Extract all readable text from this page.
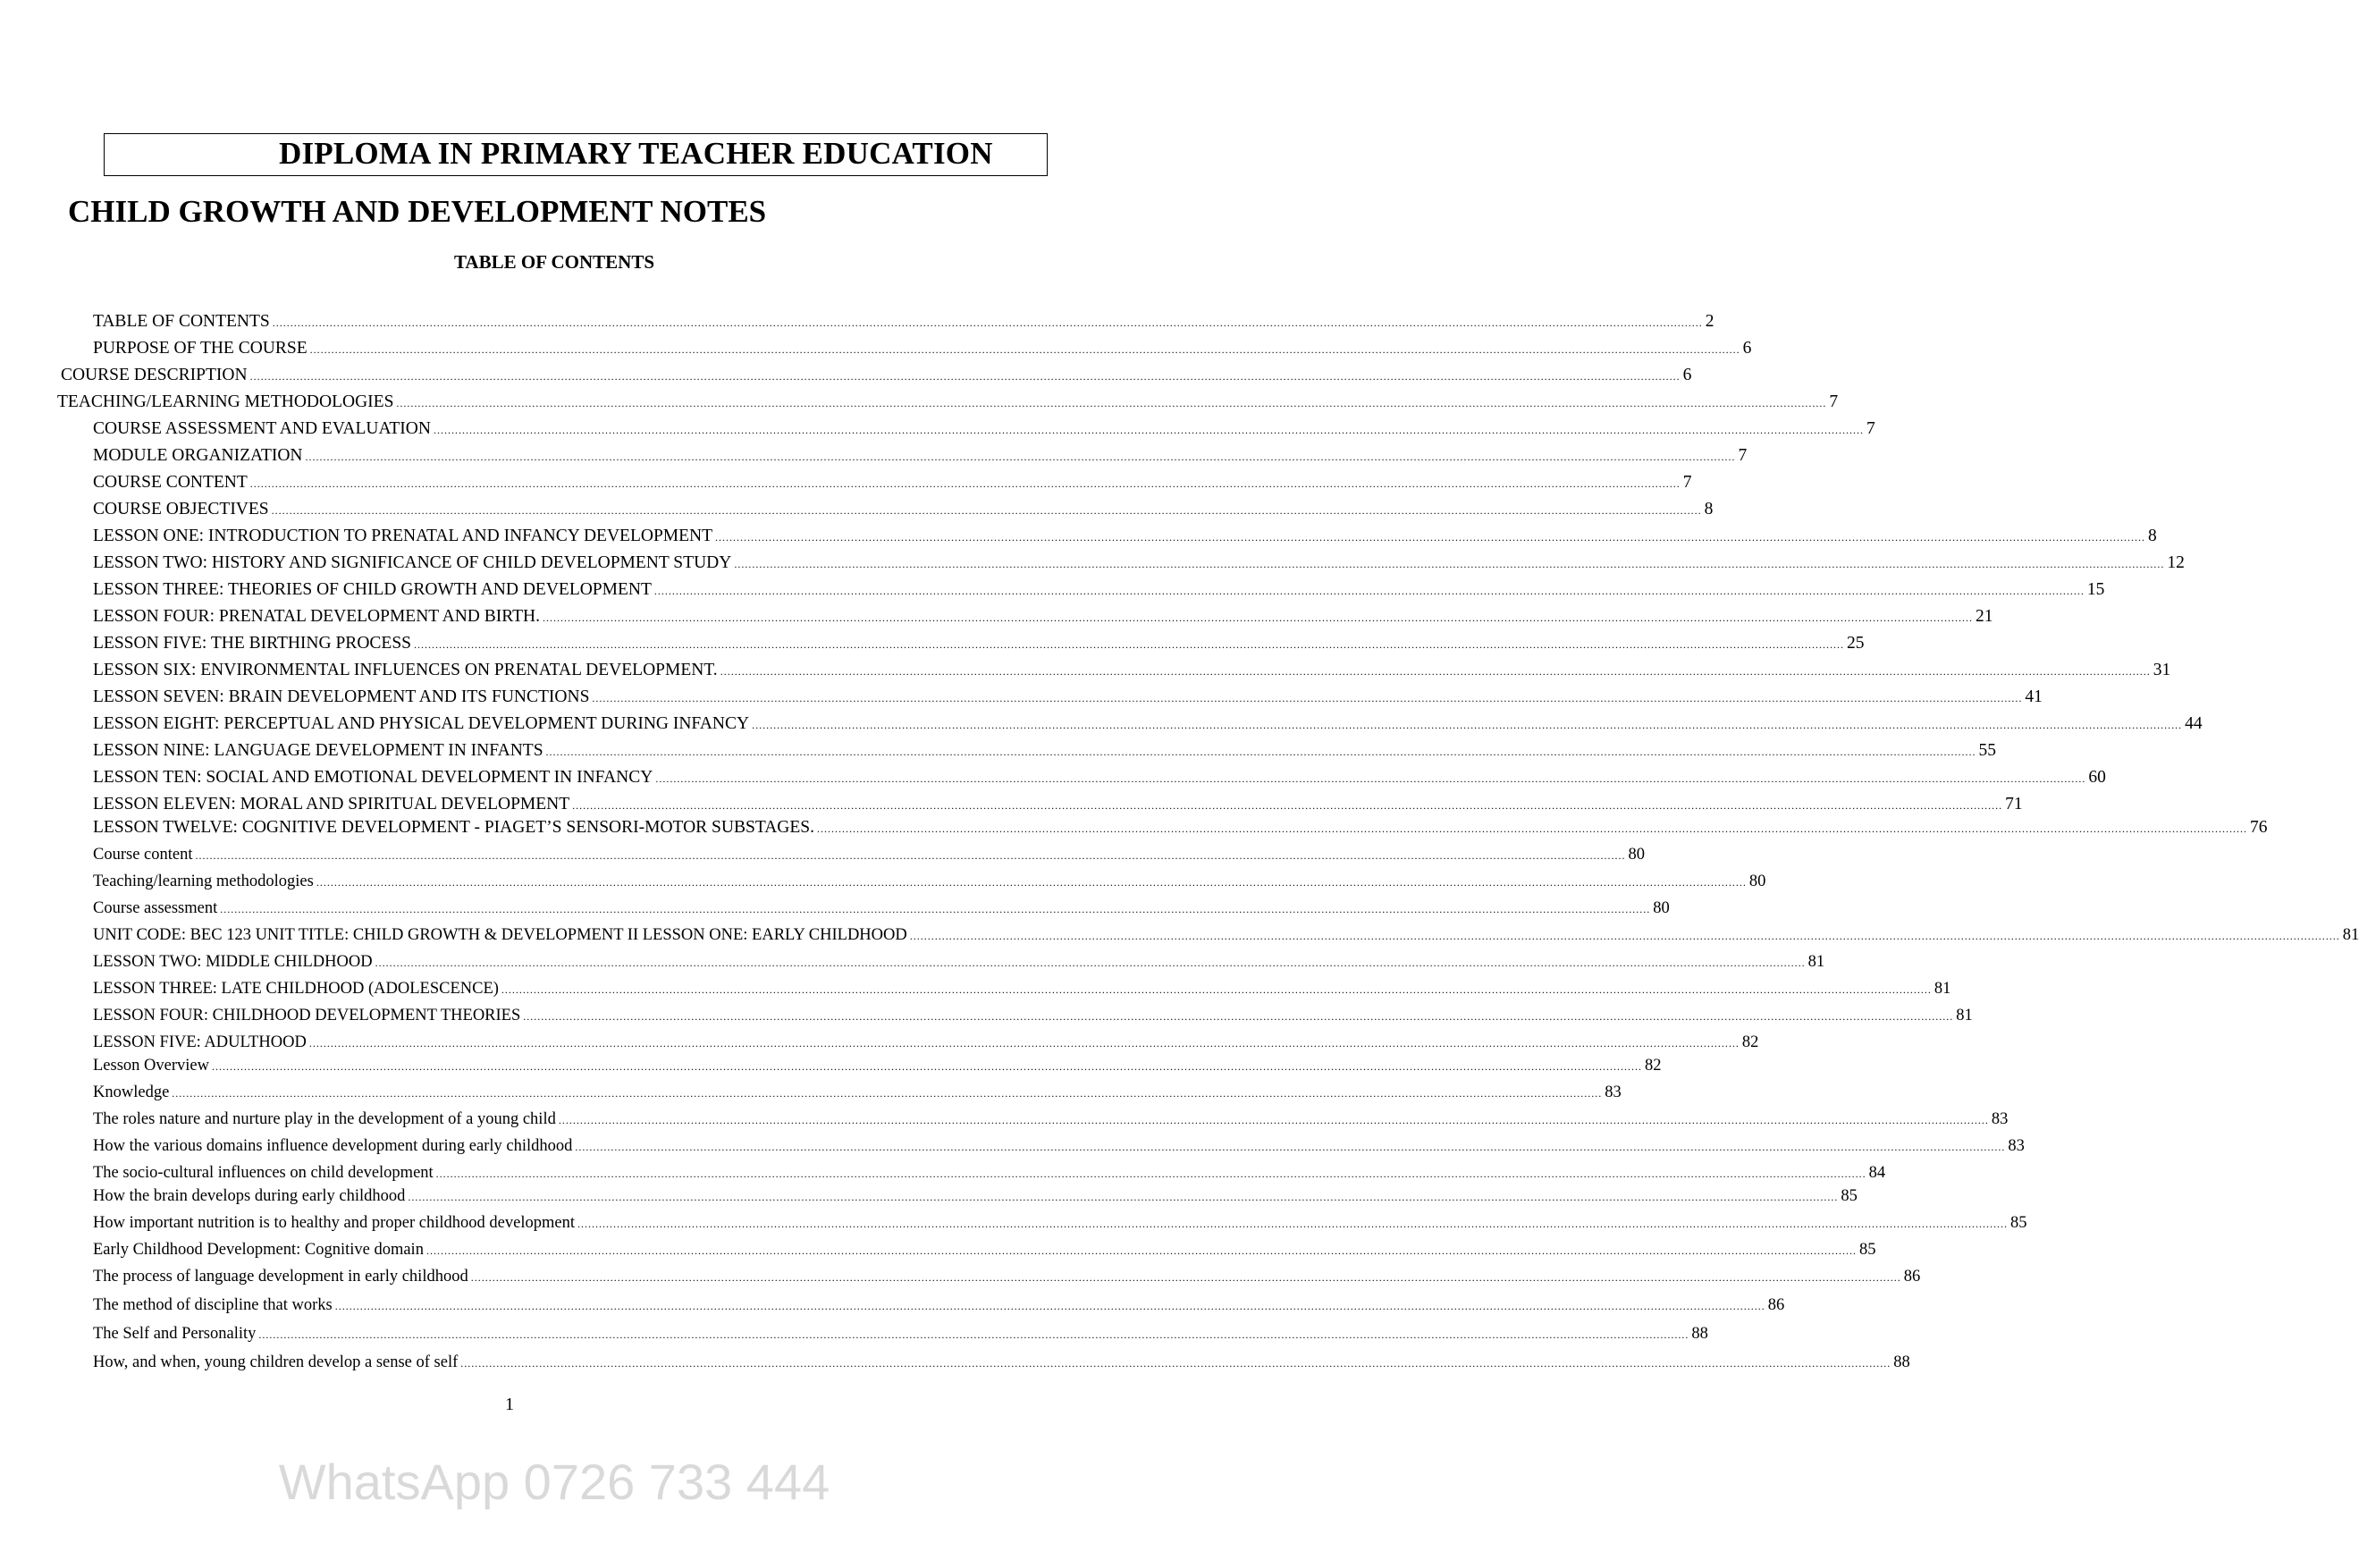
DIPLOMA IN PRIMARY TEACHER EDUCATION
CHILD GROWTH AND DEVELOPMENT NOTES
TABLE OF CONTENTS
TABLE OF CONTENTS ................................................................................................................................................................................................................................................................................................................................................................................................................ 2
PURPOSE OF THE COURSE ................................................................................................................................................................................................................................................................................................................................................................................................................ 6
COURSE DESCRIPTION ................................................................................................................................................................................................................................................................................................................................................................................................................ 6
TEACHING/LEARNING METHODOLOGIES ................................................................................................................................................................................................................................................................................................................................................................................................................ 7
COURSE ASSESSMENT AND EVALUATION ................................................................................................................................................................................................................................................................................................................................................................................................................ 7
MODULE ORGANIZATION ................................................................................................................................................................................................................................................................................................................................................................................................................ 7
COURSE CONTENT ................................................................................................................................................................................................................................................................................................................................................................................................................ 7
COURSE OBJECTIVES ................................................................................................................................................................................................................................................................................................................................................................................................................ 8
LESSON ONE: INTRODUCTION TO PRENATAL AND INFANCY DEVELOPMENT ................................................................................................................................................................................................................................................................................................................................................................................................................ 8
LESSON TWO: HISTORY AND SIGNIFICANCE OF CHILD DEVELOPMENT STUDY ................................................................................................................................................................................................................................................................................................................................................................................................................ 12
LESSON THREE: THEORIES OF CHILD GROWTH AND DEVELOPMENT ................................................................................................................................................................................................................................................................................................................................................................................................................ 15
LESSON FOUR: PRENATAL DEVELOPMENT AND BIRTH. ................................................................................................................................................................................................................................................................................................................................................................................................................ 21
LESSON FIVE: THE BIRTHING PROCESS ................................................................................................................................................................................................................................................................................................................................................................................................................ 25
LESSON SIX: ENVIRONMENTAL INFLUENCES ON PRENATAL DEVELOPMENT. ................................................................................................................................................................................................................................................................................................................................................................................................................ 31
LESSON SEVEN: BRAIN DEVELOPMENT AND ITS FUNCTIONS ................................................................................................................................................................................................................................................................................................................................................................................................................ 41
LESSON EIGHT: PERCEPTUAL AND PHYSICAL DEVELOPMENT DURING INFANCY ................................................................................................................................................................................................................................................................................................................................................................................................................ 44
LESSON NINE: LANGUAGE DEVELOPMENT IN INFANTS ................................................................................................................................................................................................................................................................................................................................................................................................................ 55
LESSON TEN: SOCIAL AND EMOTIONAL DEVELOPMENT IN INFANCY ................................................................................................................................................................................................................................................................................................................................................................................................................ 60
LESSON ELEVEN: MORAL AND SPIRITUAL DEVELOPMENT ................................................................................................................................................................................................................................................................................................................................................................................................................ 71
LESSON TWELVE: COGNITIVE DEVELOPMENT - PIAGET’S SENSORI-MOTOR SUBSTAGES. ................................................................................................................................................................................................................................................................................................................................................................................................................ 76
Course content ................................................................................................................................................................................................................................................................................................................................................................................................................ 80
Teaching/learning methodologies ................................................................................................................................................................................................................................................................................................................................................................................................................ 80
Course assessment ................................................................................................................................................................................................................................................................................................................................................................................................................ 80
UNIT CODE: BEC 123 UNIT TITLE: CHILD GROWTH & DEVELOPMENT II LESSON ONE: EARLY CHILDHOOD ................................................................................................................................................................................................................................................................................................................................................................................................................ 81
LESSON TWO: MIDDLE CHILDHOOD ................................................................................................................................................................................................................................................................................................................................................................................................................ 81
LESSON THREE: LATE CHILDHOOD (ADOLESCENCE) ................................................................................................................................................................................................................................................................................................................................................................................................................ 81
LESSON FOUR: CHILDHOOD DEVELOPMENT THEORIES ................................................................................................................................................................................................................................................................................................................................................................................................................ 81
LESSON FIVE: ADULTHOOD ................................................................................................................................................................................................................................................................................................................................................................................................................ 82
Lesson Overview ................................................................................................................................................................................................................................................................................................................................................................................................................ 82
Knowledge ................................................................................................................................................................................................................................................................................................................................................................................................................ 83
The roles nature and nurture play in the development of a young child ................................................................................................................................................................................................................................................................................................................................................................................................................ 83
How the various domains influence development during early childhood ................................................................................................................................................................................................................................................................................................................................................................................................................ 83
The socio-cultural influences on child development ................................................................................................................................................................................................................................................................................................................................................................................................................ 84
How the brain develops during early childhood ................................................................................................................................................................................................................................................................................................................................................................................................................ 85
How important nutrition is to healthy and proper childhood development ................................................................................................................................................................................................................................................................................................................................................................................................................ 85
Early Childhood Development: Cognitive domain ................................................................................................................................................................................................................................................................................................................................................................................................................ 85
The process of language development in early childhood ................................................................................................................................................................................................................................................................................................................................................................................................................ 86
The method of discipline that works ................................................................................................................................................................................................................................................................................................................................................................................................................ 86
The Self and Personality ................................................................................................................................................................................................................................................................................................................................................................................................................ 88
How, and when, young children develop a sense of self ................................................................................................................................................................................................................................................................................................................................................................................................................ 88
1
WhatsApp 0726 733 444
